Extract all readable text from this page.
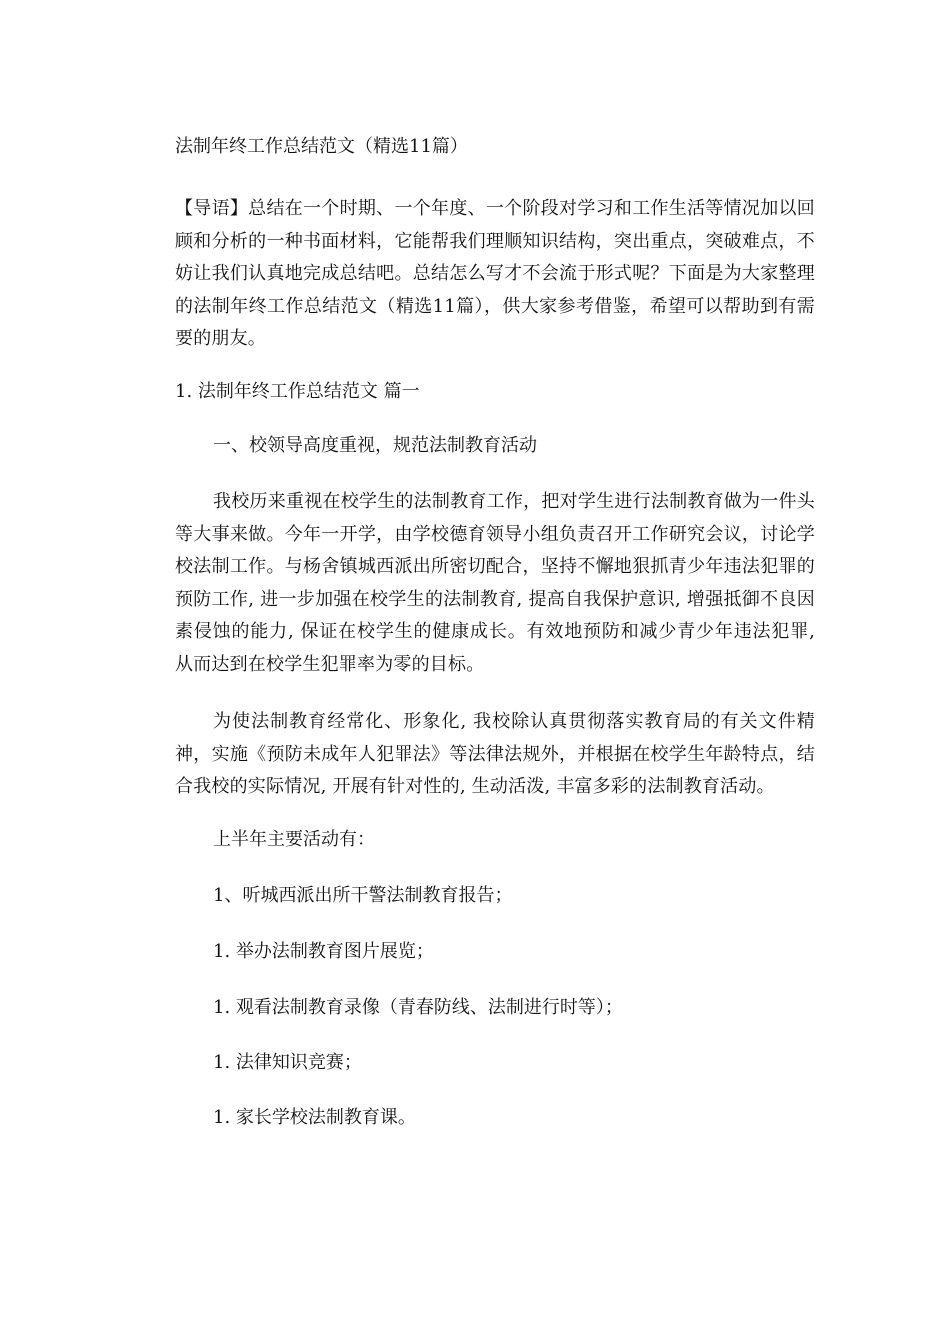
法制年终工作总结范文（精选11篇）
【导语】总结在一个时期、一个年度、一个阶段对学习和工作生活等情况加以回顾和分析的一种书面材料，它能帮我们理顺知识结构，突出重点，突破难点，不妨让我们认真地完成总结吧。总结怎么写才不会流于形式呢？下面是为大家整理的法制年终工作总结范文（精选11篇），供大家参考借鉴，希望可以帮助到有需要的朋友。
1. 法制年终工作总结范文 篇一
一、校领导高度重视，规范法制教育活动
我校历来重视在校学生的法制教育工作，把对学生进行法制教育做为一件头等大事来做。今年一开学，由学校德育领导小组负责召开工作研究会议，讨论学校法制工作。与杨舍镇城西派出所密切配合，坚持不懈地狠抓青少年违法犯罪的预防工作, 进一步加强在校学生的法制教育, 提高自我保护意识, 增强抵御不良因素侵蚀的能力, 保证在校学生的健康成长。有效地预防和减少青少年违法犯罪, 从而达到在校学生犯罪率为零的目标。
为使法制教育经常化、形象化, 我校除认真贯彻落实教育局的有关文件精神，实施《预防未成年人犯罪法》等法律法规外，并根据在校学生年龄特点，结合我校的实际情况, 开展有针对性的, 生动活泼, 丰富多彩的法制教育活动。
上半年主要活动有：
1、听城西派出所干警法制教育报告；
1. 举办法制教育图片展览；
1. 观看法制教育录像（青春防线、法制进行时等）；
1. 法律知识竞赛；
1. 家长学校法制教育课。
